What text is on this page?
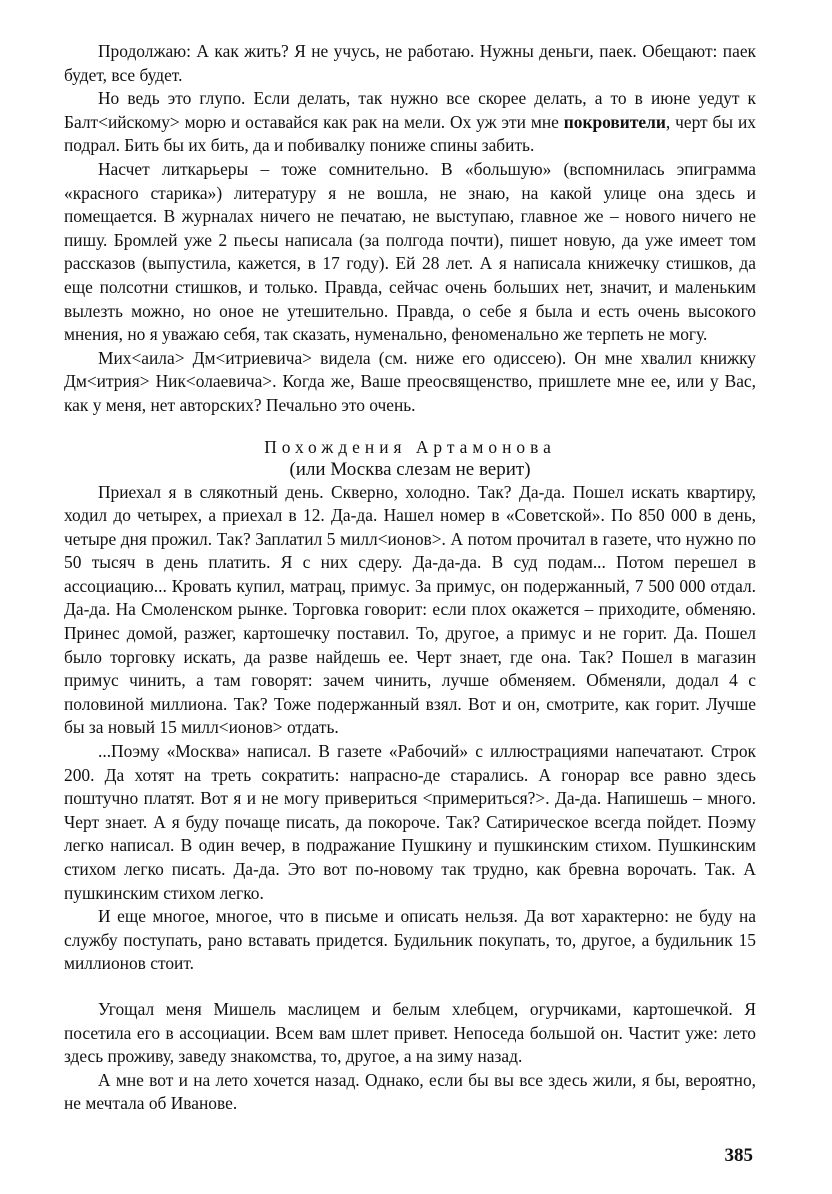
Продолжаю: А как жить? Я не учусь, не работаю. Нужны деньги, паек. Обещают: паек будет, все будет.

Но ведь это глупо. Если делать, так нужно все скорее делать, а то в июне уедут к Балт<ийскому> морю и оставайся как рак на мели. Ох уж эти мне покровители, черт бы их подрал. Бить бы их бить, да и побивалку пониже спины забить.

Насчет литкарьеры – тоже сомнительно. В «большую» (вспомнилась эпиграмма «красного старика») литературу я не вошла, не знаю, на какой улице она здесь и помещается. В журналах ничего не печатаю, не выступаю, главное же – нового ничего не пишу. Бромлей уже 2 пьесы написала (за полгода почти), пишет новую, да уже имеет том рассказов (выпустила, кажется, в 17 году). Ей 28 лет. А я написала книжечку стишков, да еще полсотни стишков, и только. Правда, сейчас очень больших нет, значит, и маленьким вылезть можно, но оное не утешительно. Правда, о себе я была и есть очень высокого мнения, но я уважаю себя, так сказать, нуменально, феноменально же терпеть не могу.

Мих<аила> Дм<итриевича> видела (см. ниже его одиссею). Он мне хвалил книжку Дм<итрия> Ник<олаевича>. Когда же, Ваше преосвященство, пришлете мне ее, или у Вас, как у меня, нет авторских? Печально это очень.

Похождения Артамонова
(или Москва слезам не верит)

Приехал я в слякотный день. Скверно, холодно. Так? Да-да. Пошел искать квартиру, ходил до четырех, а приехал в 12. Да-да. Нашел номер в «Советской». По 850 000 в день, четыре дня прожил. Так? Заплатил 5 милл<ионов>. А потом прочитал в газете, что нужно по 50 тысяч в день платить. Я с них сдеру. Да-да-да. В суд подам... Потом перешел в ассоциацию... Кровать купил, матрац, примус. За примус, он подержанный, 7 500 000 отдал. Да-да. На Смоленском рынке. Торговка говорит: если плох окажется – приходите, обменяю. Принес домой, разжег, картошечку поставил. То, другое, а примус и не горит. Да. Пошел было торговку искать, да разве найдешь ее. Черт знает, где она. Так? Пошел в магазин примус чинить, а там говорят: зачем чинить, лучше обменяем. Обменяли, додал 4 с половиной миллиона. Так? Тоже подержанный взял. Вот и он, смотрите, как горит. Лучше бы за новый 15 милл<ионов> отдать.

...Поэму «Москва» написал. В газете «Рабочий» с иллюстрациями напечатают. Строк 200. Да хотят на треть сократить: напрасно-де старались. А гонорар все равно здесь поштучно платят. Вот я и не могу привериться <примериться?>. Да-да. Напишешь – много. Черт знает. А я буду почаще писать, да покороче. Так? Сатирическое всегда пойдет. Поэму легко написал. В один вечер, в подражание Пушкину и пушкинским стихом. Пушкинским стихом легко писать. Да-да. Это вот по-новому так трудно, как бревна ворочать. Так. А пушкинским стихом легко.

И еще многое, многое, что в письме и описать нельзя. Да вот характерно: не буду на службу поступать, рано вставать придется. Будильник покупать, то, другое, а будильник 15 миллионов стоит.

Угощал меня Мишель маслицем и белым хлебцем, огурчиками, картошечкой. Я посетила его в ассоциации. Всем вам шлет привет. Непоседа большой он. Частит уже: лето здесь проживу, заведу знакомства, то, другое, а на зиму назад.

А мне вот и на лето хочется назад. Однако, если бы вы все здесь жили, я бы, вероятно, не мечтала об Иванове.

385
